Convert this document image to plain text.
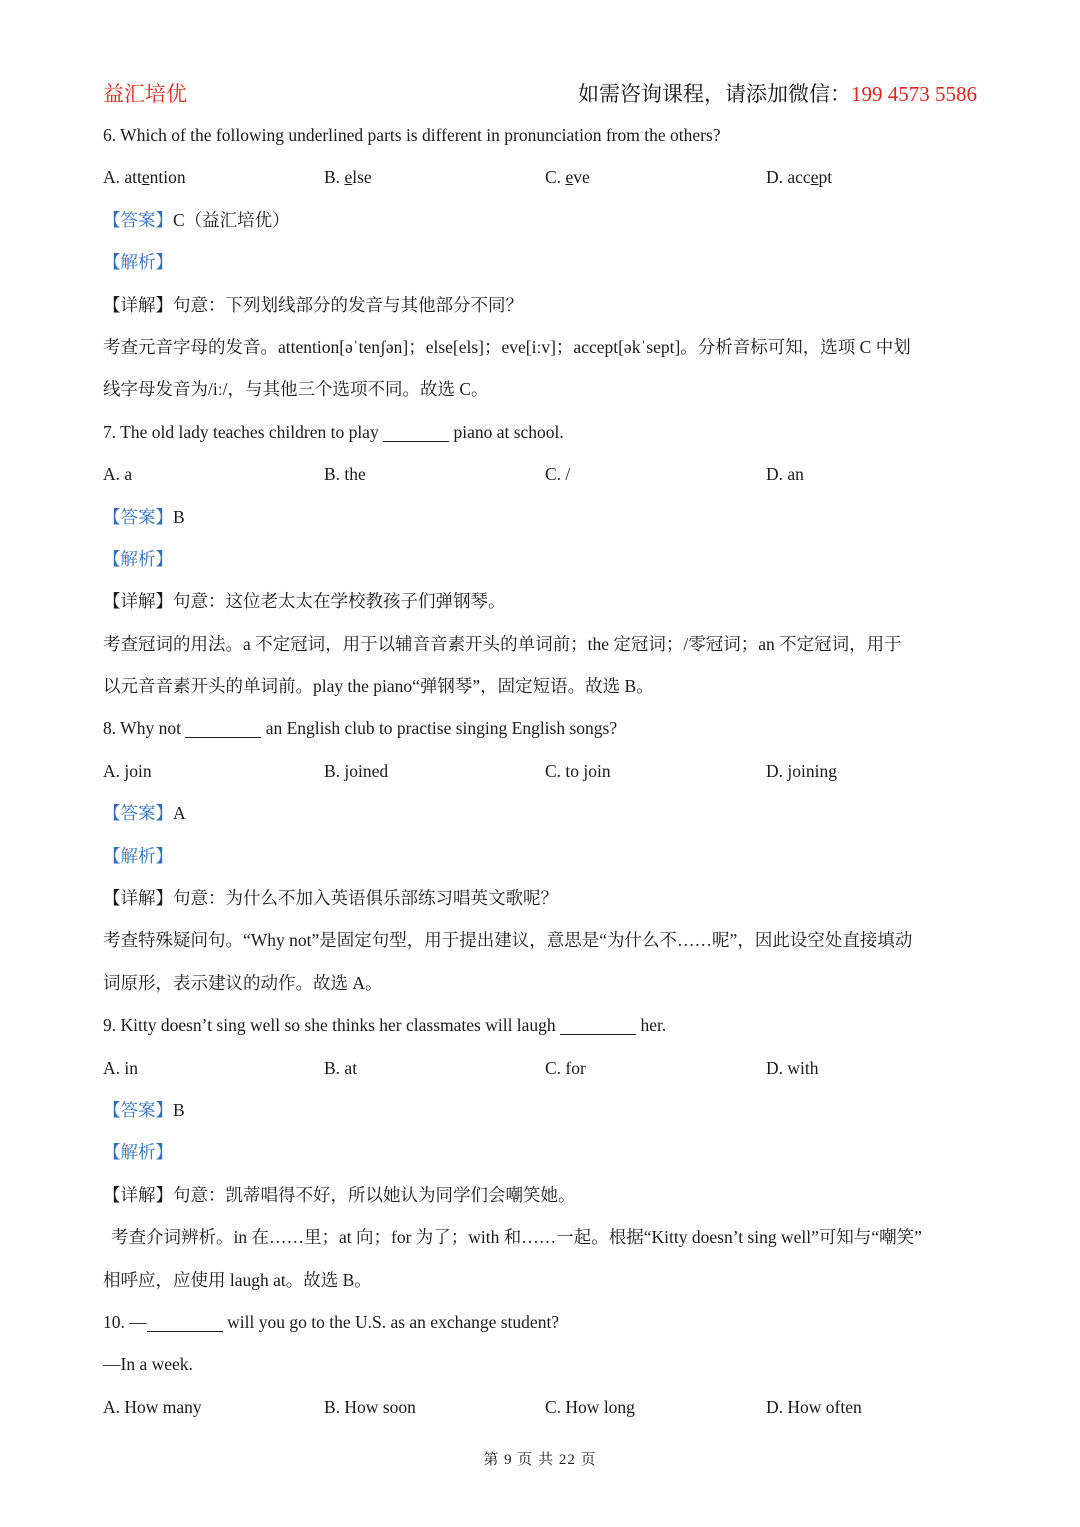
益汇培优	如需咨询课程，请添加微信：199 4573 5586
6. Which of the following underlined parts is different in pronunciation from the others?
A. attention	B. else	C. eve	D. accept
【答案】C（益汇培优）
【解析】
【详解】句意：下列划线部分的发音与其他部分不同？
考查元音字母的发音。attention[əˈtenʃən]；else[els]；eve[iːv]；accept[əkˈsept]。分析音标可知，选项 C 中划
线字母发音为/iː/，与其他三个选项不同。故选 C。
7. The old lady teaches children to play	piano at school.
A. a	B. the	C. /	D. an
【答案】B
【解析】
【详解】句意：这位老太太在学校教孩子们弹钢琴。
考查冠词的用法。a 不定冠词，用于以辅音音素开头的单词前；the 定冠词；/零冠词；an 不定冠词，用于
以元音音素开头的单词前。play the piano“弹钢琴”，固定短语。故选 B。
8. Why not	an English club to practise singing English songs?
A. join	B. joined	C. to join	D. joining
【答案】A
【解析】
【详解】句意：为什么不加入英语俱乐部练习唱英文歌呢？
考查特殊疑问句。“Why not”是固定句型，用于提出建议，意思是“为什么不……呢”，因此设空处直接填动
词原形，表示建议的动作。故选 A。
9. Kitty doesn’t sing well so she thinks her classmates will laugh	her.
A. in	B. at	C. for	D. with
【答案】B
【解析】
【详解】句意：凯蒂唱得不好，所以她认为同学们会嘲笑她。
考查介词辨析。in 在……里；at 向；for 为了；with 和……一起。根据“Kitty doesn’t sing well”可知与“嘲笑”
相呼应，应使用 laugh at。故选 B。
10. —	will you go to the U.S. as an exchange student?
—In a week.
A. How many	B. How soon	C. How long	D. How often
第 9 页 共 22 页
